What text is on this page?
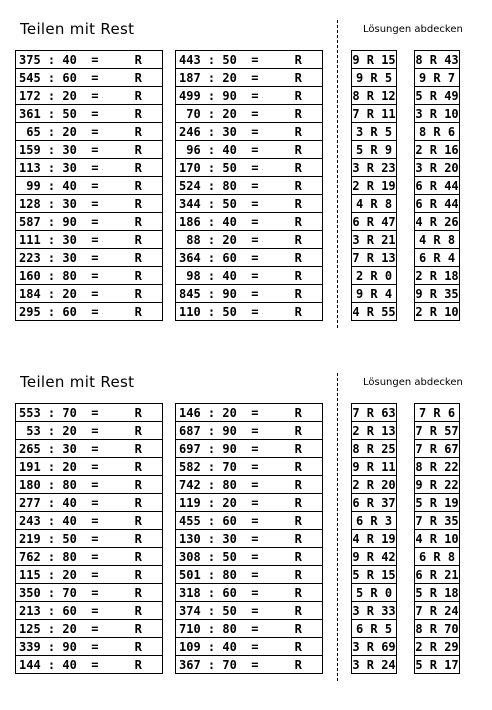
Teilen mit Rest	Lösungen abdecken
375 : 40  =     R
545 : 60  =     R
172 : 20  =     R
361 : 50  =     R
65 : 20  =     R
159 : 30  =     R
113 : 30  =     R
99 : 40  =     R
128 : 30  =     R
587 : 90  =     R
111 : 30  =     R
223 : 30  =     R
160 : 80  =     R
184 : 20  =     R
295 : 60  =     R
443 : 50  =     R
187 : 20  =     R
499 : 90  =     R
70 : 20  =     R
246 : 30  =     R
96 : 40  =     R
170 : 50  =     R
524 : 80  =     R
344 : 50  =     R
186 : 40  =     R
88 : 20  =     R
364 : 60  =     R
98 : 40  =     R
845 : 90  =     R
110 : 50  =     R
9 R 15
9 R 5
8 R 12
7 R 11
3 R 5
5 R 9
3 R 23
2 R 19
4 R 8
6 R 47
3 R 21
7 R 13
2 R 0
9 R 4
4 R 55
8 R 43
9 R 7
5 R 49
3 R 10
8 R 6
2 R 16
3 R 20
6 R 44
6 R 44
4 R 26
4 R 8
6 R 4
2 R 18
9 R 35
2 R 10
Teilen mit Rest	Lösungen abdecken
553 : 70  =     R
53 : 20  =     R
265 : 30  =     R
191 : 20  =     R
180 : 80  =     R
277 : 40  =     R
243 : 40  =     R
219 : 50  =     R
762 : 80  =     R
115 : 20  =     R
350 : 70  =     R
213 : 60  =     R
125 : 20  =     R
339 : 90  =     R
144 : 40  =     R
146 : 20  =     R
687 : 90  =     R
697 : 90  =     R
582 : 70  =     R
742 : 80  =     R
119 : 20  =     R
455 : 60  =     R
130 : 30  =     R
308 : 50  =     R
501 : 80  =     R
318 : 60  =     R
374 : 50  =     R
710 : 80  =     R
109 : 40  =     R
367 : 70  =     R
7 R 63
2 R 13
8 R 25
9 R 11
2 R 20
6 R 37
6 R 3
4 R 19
9 R 42
5 R 15
5 R 0
3 R 33
6 R 5
3 R 69
3 R 24
7 R 6
7 R 57
7 R 67
8 R 22
9 R 22
5 R 19
7 R 35
4 R 10
6 R 8
6 R 21
5 R 18
7 R 24
8 R 70
2 R 29
5 R 17
